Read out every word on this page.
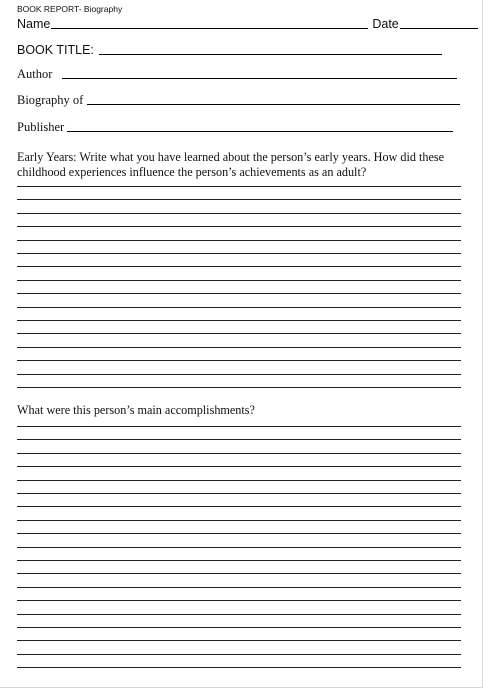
BOOK REPORT- Biography
Name	Date
BOOK TITLE:
Author
Biography of
Publisher
Early Years: Write what you have learned about the person’s early years. How did these childhood experiences influence the person’s achievements as an adult?
What were this person’s main accomplishments?
